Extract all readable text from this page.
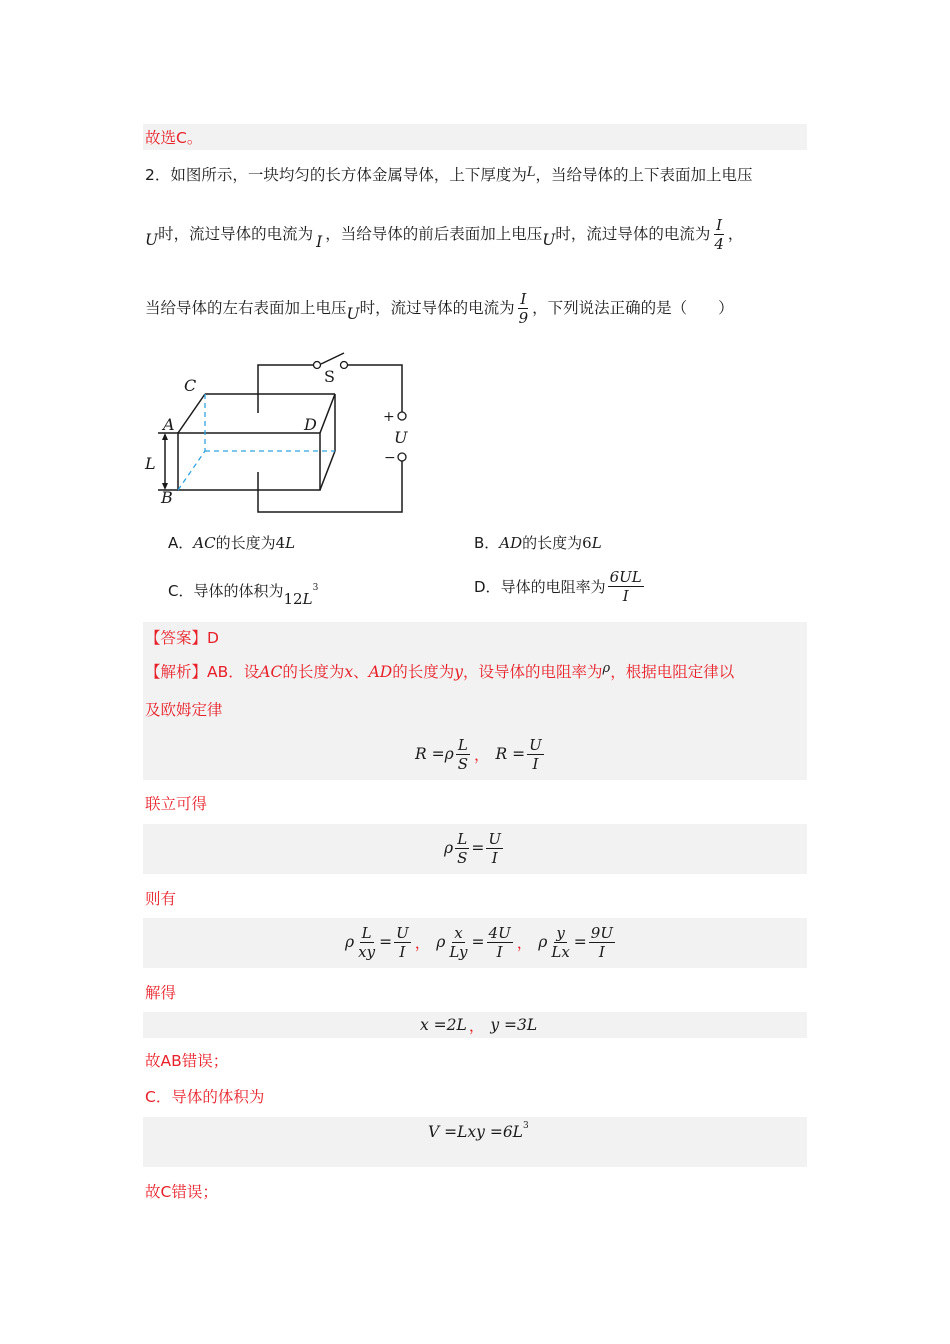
故选C。
2．如图所示，一块均匀的长方体金属导体，上下厚度为$^L$，当给导体的上下表面加上电压
U 时，流过导体的电流为 I ，当给导体的前后表面加上电压 U 时，流过导体的电流为 $\frac{I}{4}$ ，
当给导体的左右表面加上电压 U 时，流过导体的电流为 $\frac{I}{9}$ ，下列说法正确的是（　　）
C
A	D
L
B
S
+
U
−
A．AC的长度为4L	B．AD的长度为6L
C．导体的体积为$12L^3$	D． 导体的电阻率为 $\frac{6UL}{I}$
【答案】D
【解析】AB．设AC的长度为x、AD的长度为y，设导体的电阻率为$^\rho$，根据电阻定律以
及欧姆定律
$R =\rho \frac{L}{S}$ ， $R = \frac{U}{I}$
联立可得
ρ $\frac{L}{S} = \frac{U}{I}$
则有
ρ $\frac{L}{xy} = \frac{U}{I}$ ， ρ $\frac{x}{Ly} = \frac{4U}{I}$ ， ρ $\frac{y}{Lx} = \frac{9U}{I}$
解得
x =2L ， y =3L
故AB错误；
C．导体的体积为
$V =Lxy =6L^3$
故C错误；
